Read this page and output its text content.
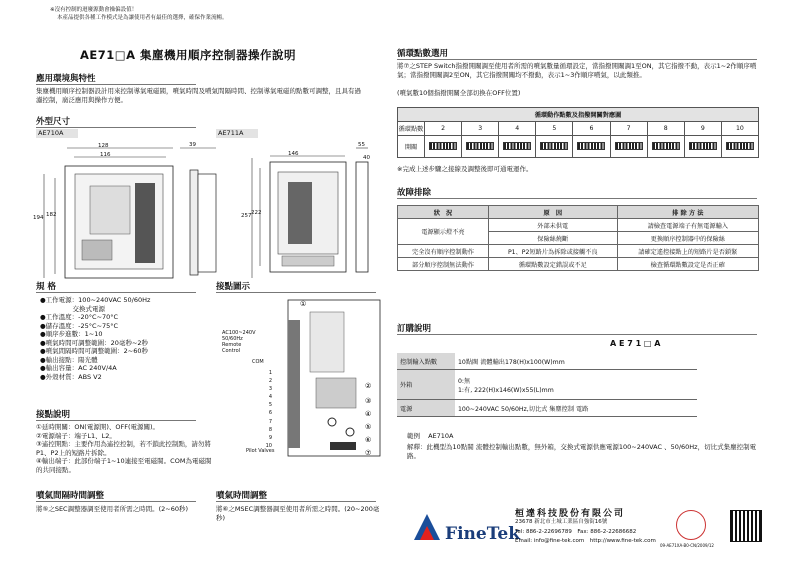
※沒有控制的迴廢源動會操偏設值！
本產品提供各種工作模式是為讓使用者有最佳的選擇，確保作業流暢。
AE71□A 集塵機用順序控制器操作說明
應用環境與特性
集塵機用順序控制器設計用來控制導氣電磁閥，噴氣時間及噴氣間隔時間、控制導氣電磁的點數可調整，且具有過濾控制，廣泛應用與操作方便。
外型尺寸
AE710A	AE711A
128
116
194 182
39
146
55
40
257 222
規 格
●工作電源：100~240VAC 50/60Hz
　　　　　交換式電源
●工作溫度：-20°C~70°C
●儲存溫度：-25°C~75°C
●順序步進數：1~10
●噴氣時間可調整範圍：20毫秒~2秒
●噴氣間隔時間可調整範圍：2~60秒
●輸出接點：陽光體
●輸出容量：AC 240V/4A
●外殼材質：ABS V2
接點說明
①延時開關：ON(電源開)、OFF(電源關)。
②電源端子：端子L1、L2。
③遙控開點：主要作用為遙控控制，若不鎖此控制點，請勿將P1、P2上的短路片拆除。
④輸出端子：此部份端子1~10連接至電磁閥。COM為電磁閥的共同接點。
噴氣間隔時間調整
將⑤之SEC調整器調至使用者所需之時間。(2~60秒)
噴氣時間調整
將⑥之MSEC調整器調至使用者所需之時間。(20~200毫秒)
接點圖示
①
②
③
④
⑤
⑥
⑦
AC100~240V
50/60Hz
Remote
Control
COM
1
2
3
4
5
6
7
8
9
10
Pilot Valves
循環點數選用
將⑦之STEP Switch指撥開關調至使用者所需的噴氣數量循環設定，當指撥開關調1至ON，其它指撥不動，表示1~2作順序噴氣；當指撥開關調2至ON，其它指撥開關均不撥動，表示1~3作順序噴氣，以此類推。
(噴氣數10個指撥開關全部切換在OFF位置)
循環動作點數及指撥開關對應圖									
循環點數	2	3	4	5	6	7	8	9	10
開關									
※完成上述步驟之接線及調整後即可通電運作。
故障排除
狀　況	原　因	排 除 方 法
電源顯示燈不亮	外部未供電	請檢查電源端子有無電源輸入
	保險絲燒斷	更換順序控制器中的保險絲
完全沒有順序控制動作	P1、P2短路片為拆除或接觸不良	請確定遙控接點上的短路片是否鎖緊
部分順序控制無法動作	循環點數設定錯誤或不足	檢查循環點數設定是否正確
訂購說明
A E 7 1 □ A
控制輸入點數	10點閥 流體輸出178(H)x100(W)mm
外箱	0:無
1:有, 222(H)x146(W)x55(L)mm
電源	100~240VAC 50/60Hz,切比式 集塵控制 電路
範例 AE710A
解釋：此機型為10點閥 流體控制輸出點數，無外箱，交換式電源供應電源100~240VAC 、50/60Hz，切比式集塵控制電路。
FineTek
桓達科技股份有限公司
23678 新北市土城工業區自強街16號
Tel: 886-2-22696789　Fax: 886-2-22686682
Email: info@fine-tek.com　http://www.fine-tek.com
09-AE71XA-B0-CN/2009/12
